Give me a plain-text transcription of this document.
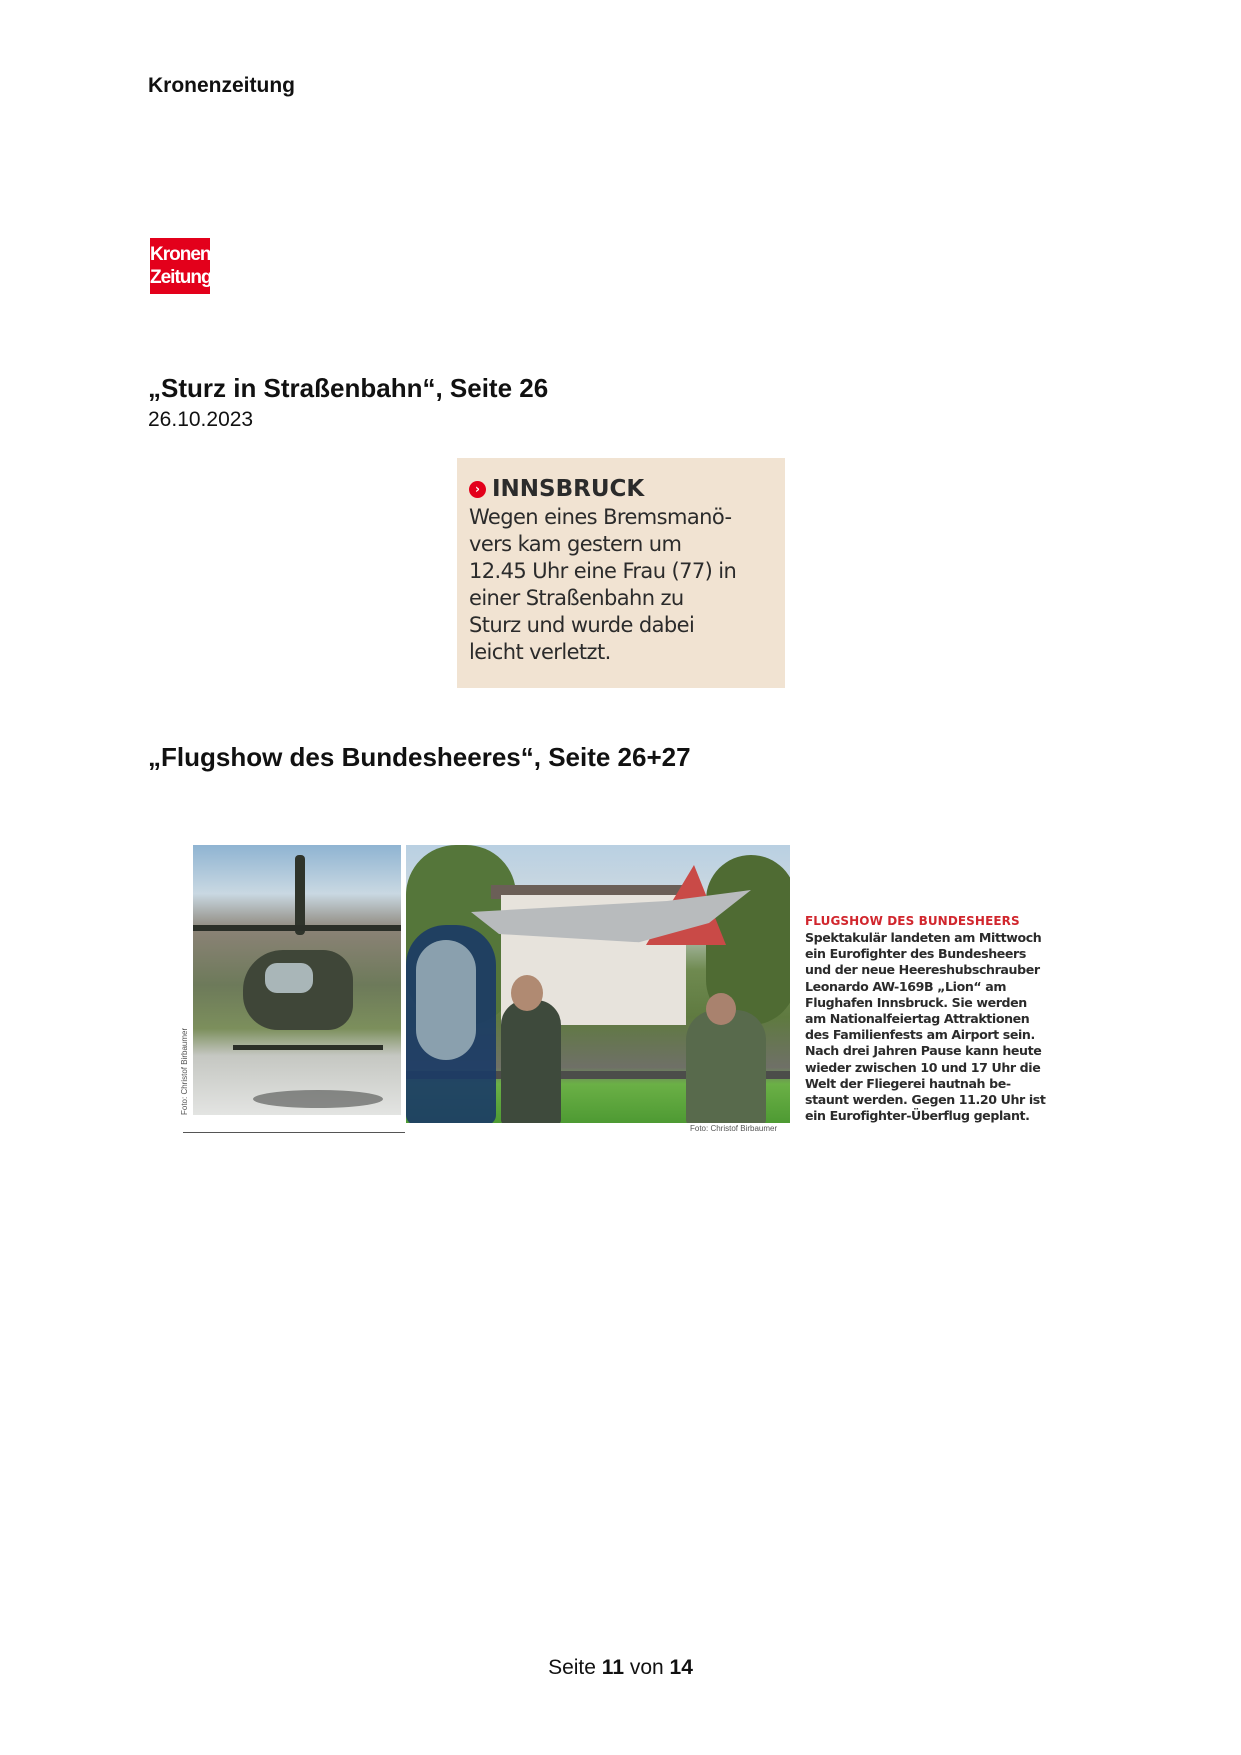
Kronenzeitung
Kronen
Zeitung
„Sturz in Straßenbahn“, Seite 26
26.10.2023
› INNSBRUCK
Wegen eines Bremsmanö-
vers kam gestern um
12.45 Uhr eine Frau (77) in
einer Straßenbahn zu
Sturz und wurde dabei
leicht verletzt.
„Flugshow des Bundesheeres“, Seite 26+27
Foto: Christof Birbaumer
Foto: Christof Birbaumer
FLUGSHOW DES BUNDESHEERS
Spektakulär landeten am Mittwoch
ein Eurofighter des Bundesheers
und der neue Heereshubschrauber
Leonardo AW-169B „Lion“ am
Flughafen Innsbruck. Sie werden
am Nationalfeiertag Attraktionen
des Familienfests am Airport sein.
Nach drei Jahren Pause kann heute
wieder zwischen 10 und 17 Uhr die
Welt der Fliegerei hautnah be-
staunt werden. Gegen 11.20 Uhr ist
ein Eurofighter-Überflug geplant.
Seite 11 von 14
